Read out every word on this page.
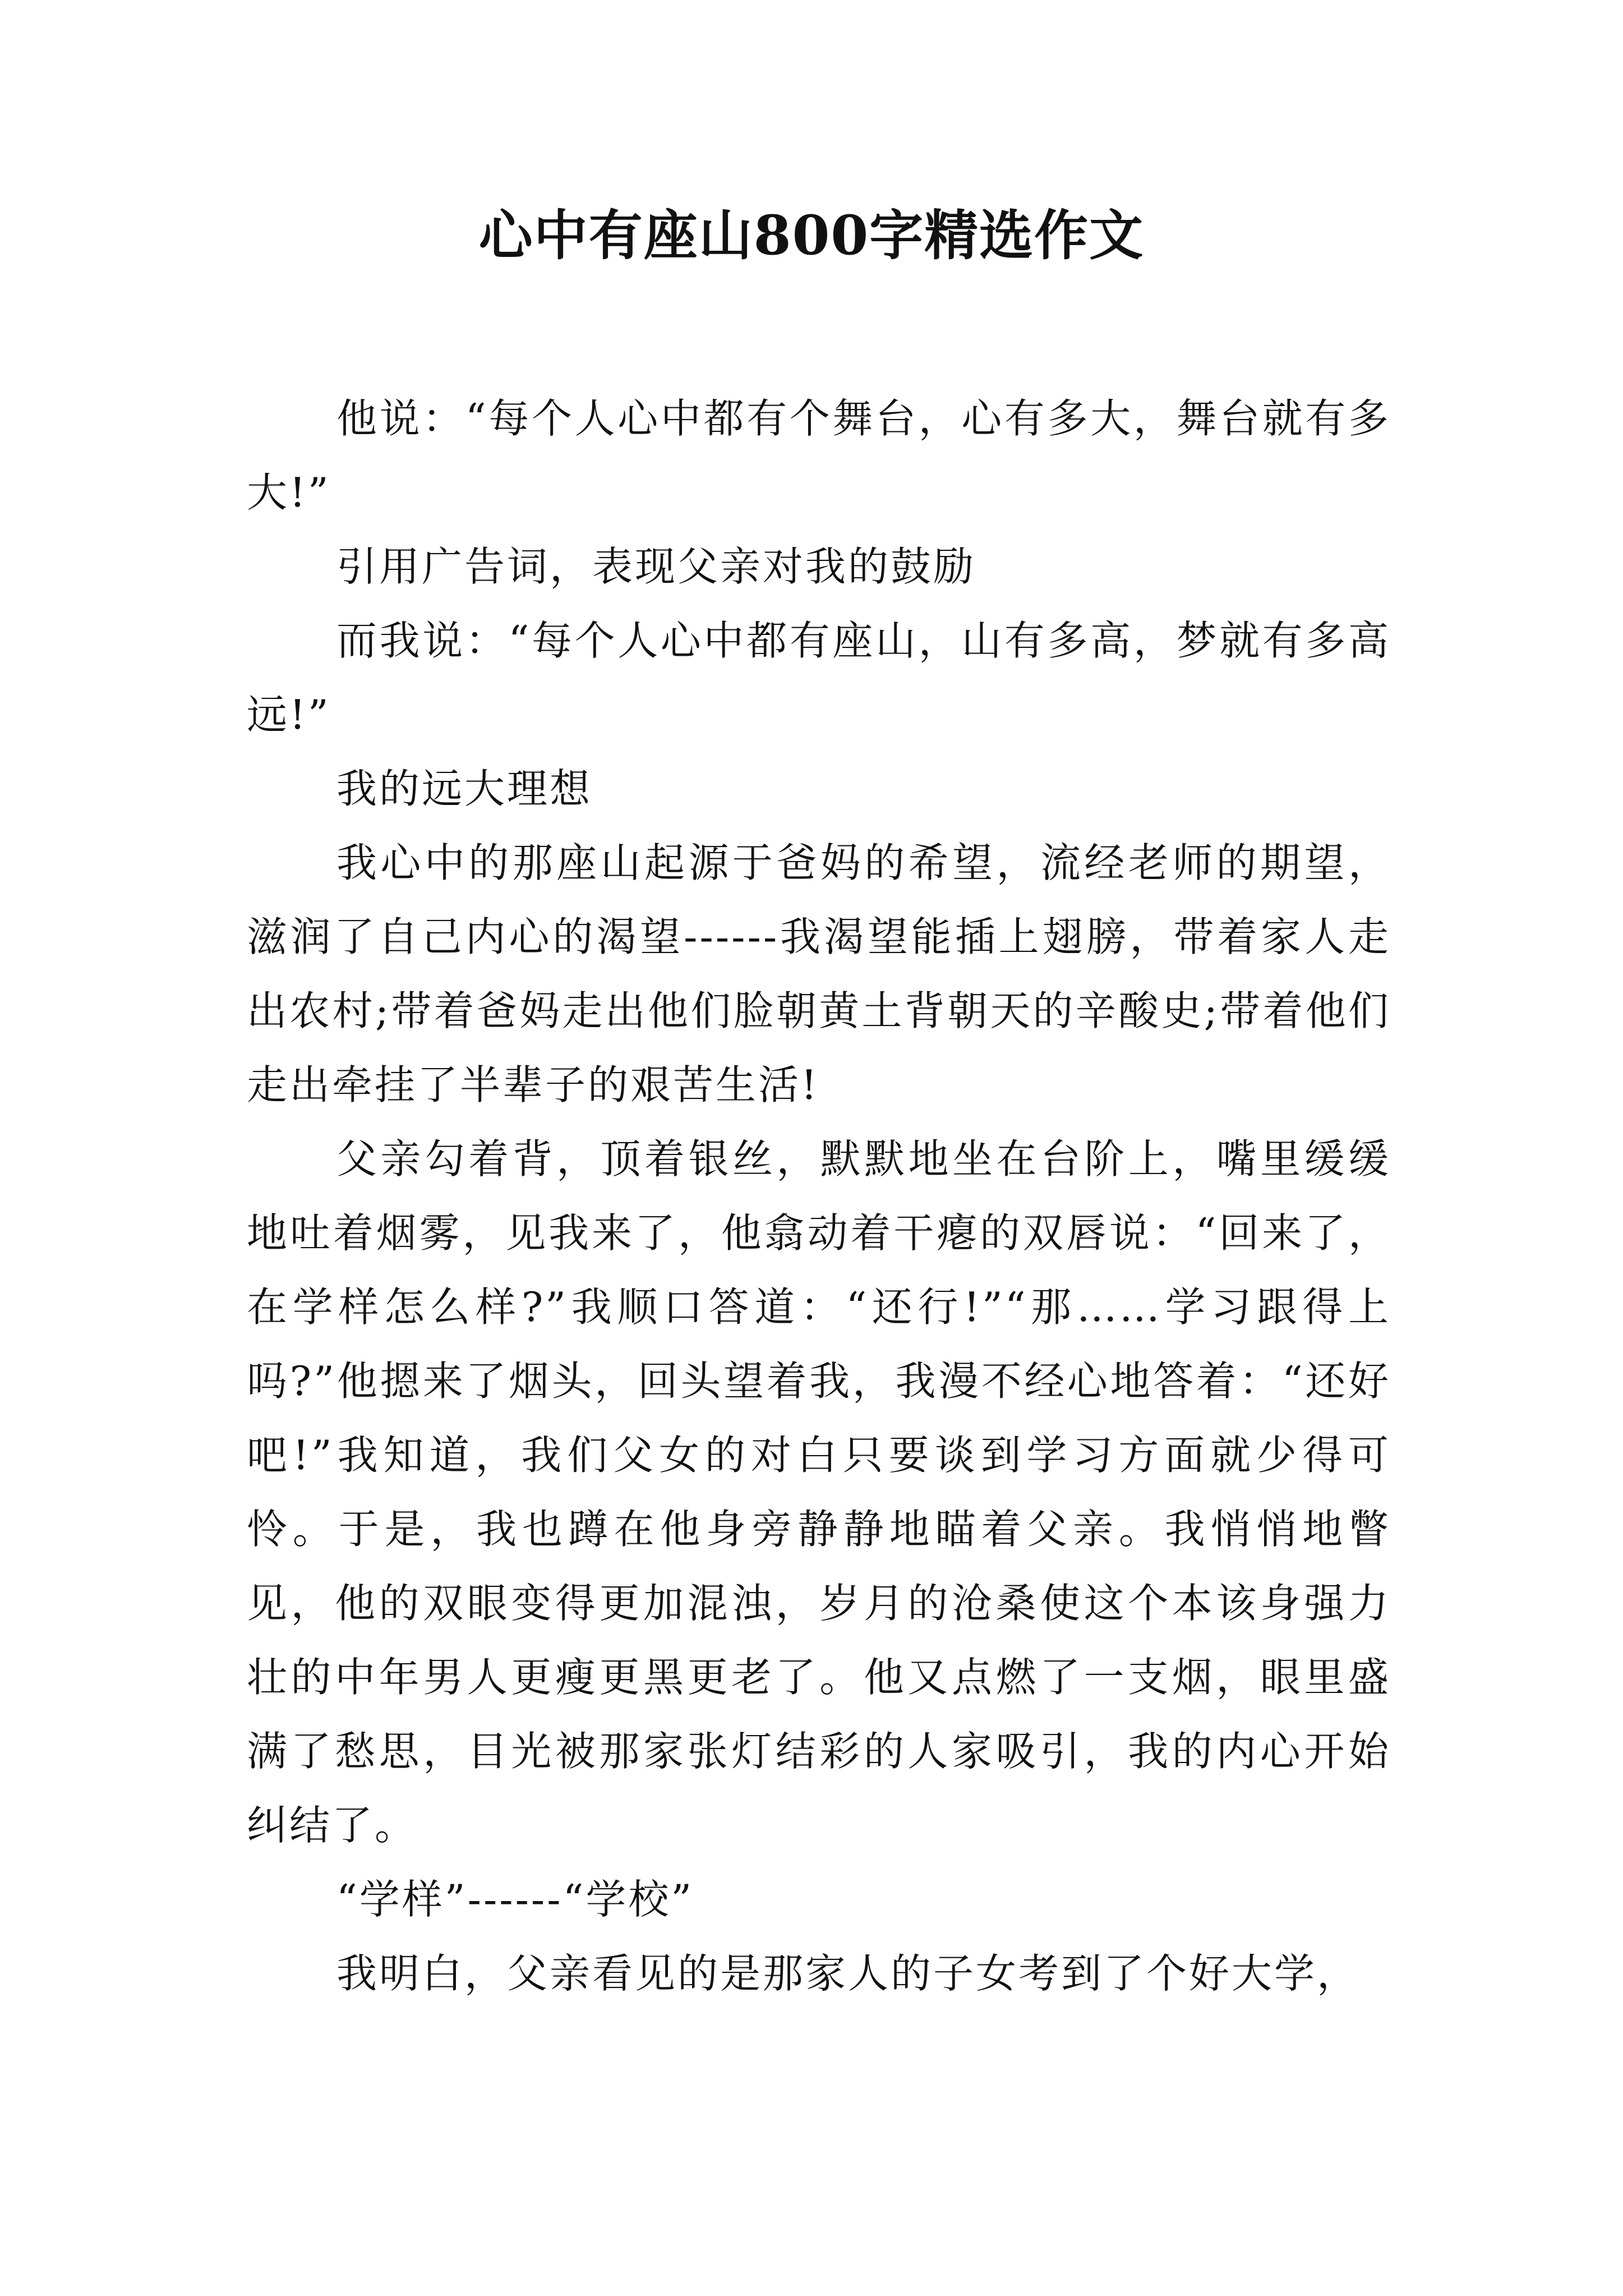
心中有座山800字精选作文

他说：“每个人心中都有个舞台，心有多大，舞台就有多大!”

引用广告词，表现父亲对我的鼓励

而我说：“每个人心中都有座山，山有多高，梦就有多高远!”

我的远大理想

我心中的那座山起源于爸妈的希望，流经老师的期望，滋润了自己内心的渴望------我渴望能插上翅膀，带着家人走出农村;带着爸妈走出他们脸朝黄土背朝天的辛酸史;带着他们走出牵挂了半辈子的艰苦生活!

父亲勾着背，顶着银丝，默默地坐在台阶上，嘴里缓缓地吐着烟雾，见我来了，他翕动着干瘪的双唇说：“回来了，在学样怎么样?”我顺口答道：“还行!”“那……学习跟得上吗?”他摁来了烟头，回头望着我，我漫不经心地答着：“还好吧!”我知道，我们父女的对白只要谈到学习方面就少得可怜。于是，我也蹲在他身旁静静地瞄着父亲。我悄悄地瞥见，他的双眼变得更加混浊，岁月的沧桑使这个本该身强力壮的中年男人更瘦更黑更老了。他又点燃了一支烟，眼里盛满了愁思，目光被那家张灯结彩的人家吸引，我的内心开始纠结了。

“学样”------“学校”

我明白，父亲看见的是那家人的子女考到了个好大学，
